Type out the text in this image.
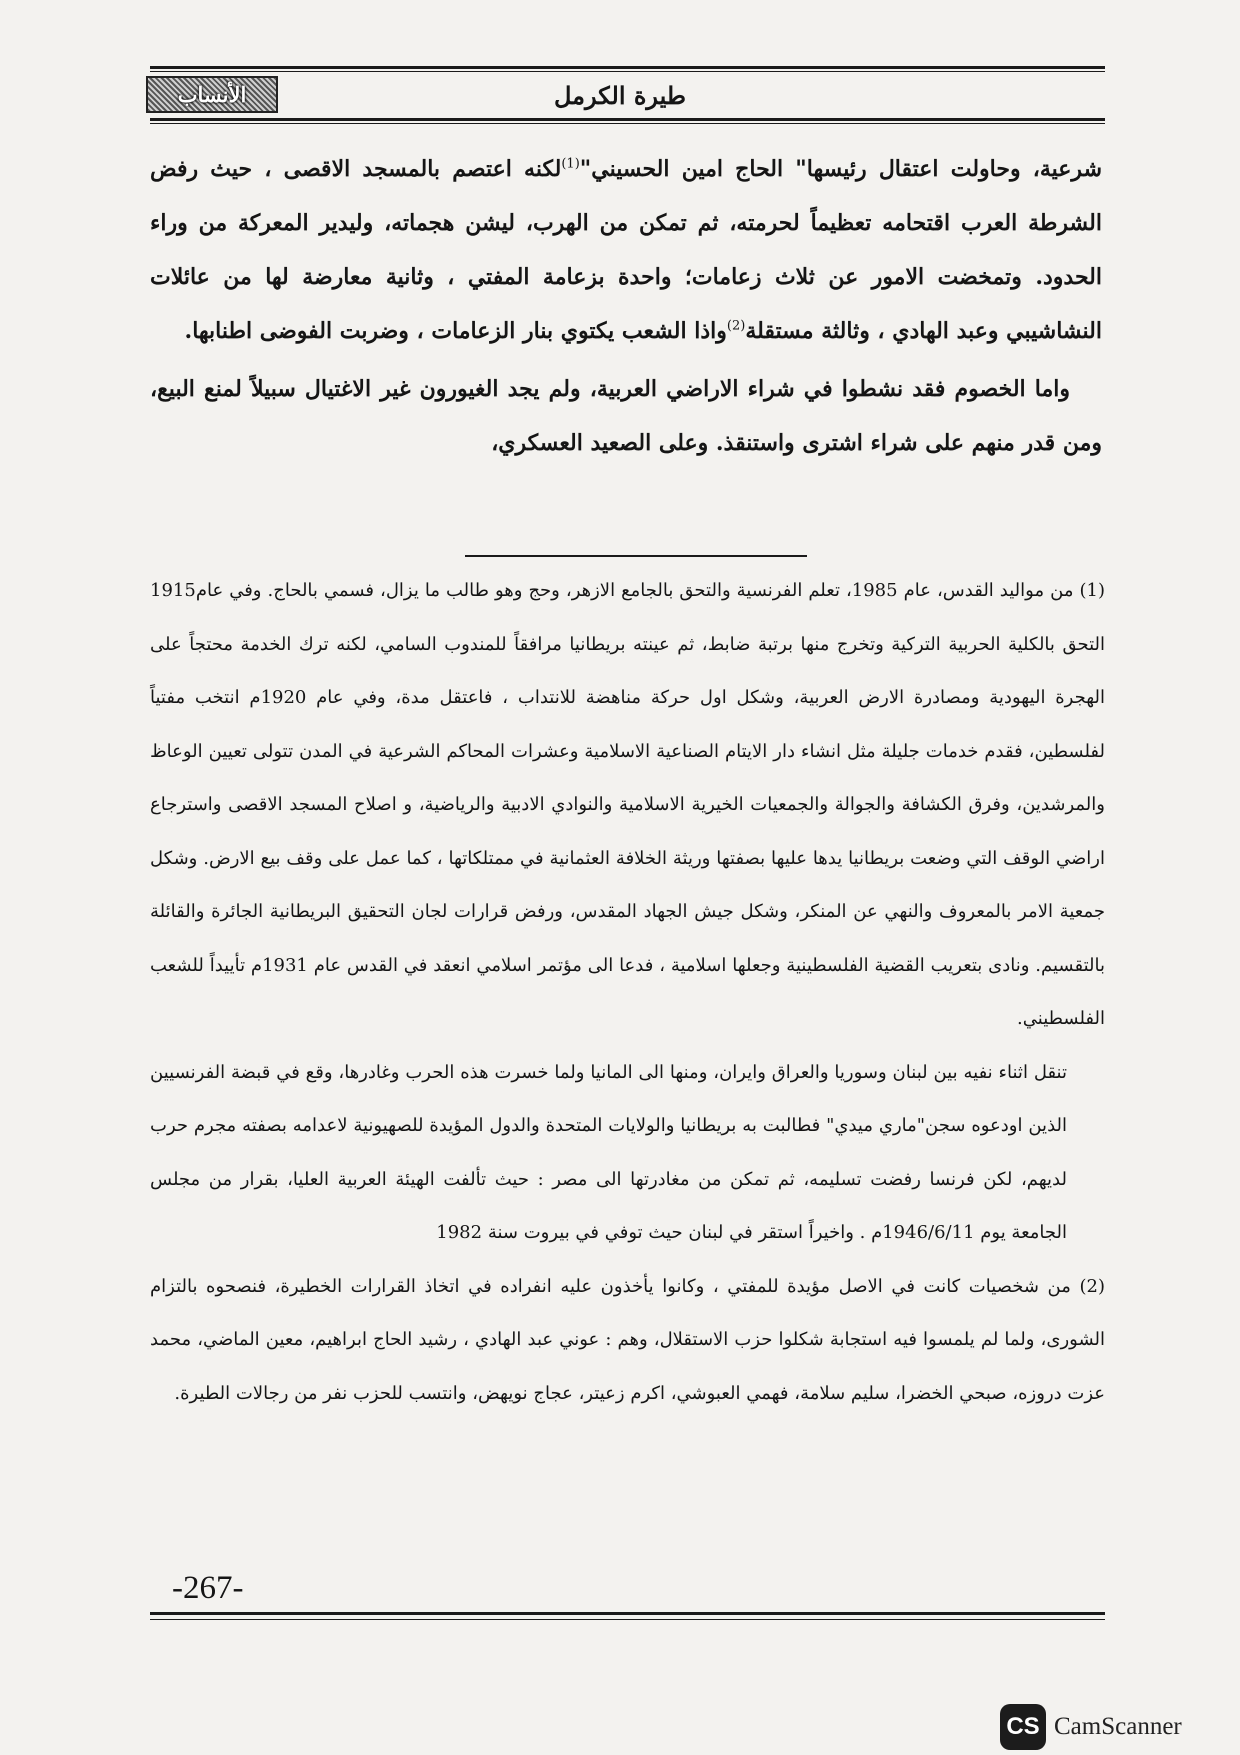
الأنساب	طيرة الكرمل

شرعية، وحاولت اعتقال رئيسها" الحاج امين الحسيني"$^{(1)}$لكنه اعتصم بالمسجد الاقصى ، حيث رفض الشرطة العرب اقتحامه تعظيماً لحرمته، ثم تمكن من الهرب، ليشن هجماته، وليدير المعركة من وراء الحدود. وتمخضت الامور عن ثلاث زعامات؛ واحدة بزعامة المفتي ، وثانية معارضة لها من عائلات النشاشيبي وعبد الهادي ، وثالثة مستقلة$^{(2)}$واذا الشعب يكتوي بنار الزعامات ، وضربت الفوضى اطنابها.

واما الخصوم فقد نشطوا في شراء الاراضي العربية، ولم يجد الغيورون غير الاغتيال سبيلاً لمنع البيع، ومن قدر منهم على شراء اشترى واستنقذ. وعلى الصعيد العسكري،

(1) من مواليد القدس، عام 1985، تعلم الفرنسية والتحق بالجامع الازهر، وحج وهو طالب ما يزال، فسمي بالحاج. وفي عام1915 التحق بالكلية الحربية التركية وتخرج منها برتبة ضابط، ثم عينته بريطانيا مرافقاً للمندوب السامي، لكنه ترك الخدمة محتجاً على الهجرة اليهودية ومصادرة الارض العربية، وشكل اول حركة مناهضة للانتداب ، فاعتقل مدة، وفي عام 1920م انتخب مفتياً لفلسطين، فقدم خدمات جليلة مثل انشاء دار الايتام الصناعية الاسلامية وعشرات المحاكم الشرعية في المدن تتولى تعيين الوعاظ والمرشدين، وفرق الكشافة والجوالة والجمعيات الخيرية الاسلامية والنوادي الادبية والرياضية، و اصلاح المسجد الاقصى واسترجاع اراضي الوقف التي وضعت بريطانيا يدها عليها بصفتها وريثة الخلافة العثمانية في ممتلكاتها ، كما عمل على وقف بيع الارض. وشكل جمعية الامر بالمعروف والنهي عن المنكر، وشكل جيش الجهاد المقدس، ورفض قرارات لجان التحقيق البريطانية الجائرة والقائلة بالتقسيم. ونادى بتعريب القضية الفلسطينية وجعلها اسلامية ، فدعا الى مؤتمر اسلامي انعقد في القدس عام 1931م تأييداً للشعب الفلسطيني.

تنقل اثناء نفيه بين لبنان وسوريا والعراق وايران، ومنها الى المانيا ولما خسرت هذه الحرب وغادرها، وقع في قبضة الفرنسيين الذين اودعوه سجن"ماري ميدي" فطالبت به بريطانيا والولايات المتحدة والدول المؤيدة للصهيونية لاعدامه بصفته مجرم حرب لديهم، لكن فرنسا رفضت تسليمه، ثم تمكن من مغادرتها الى مصر : حيث تألفت الهيئة العربية العليا، بقرار من مجلس الجامعة يوم 1946/6/11م . واخيراً استقر في لبنان حيث توفي في بيروت سنة 1982

(2) من شخصيات كانت في الاصل مؤيدة للمفتي ، وكانوا يأخذون عليه انفراده في اتخاذ القرارات الخطيرة، فنصحوه بالتزام الشورى، ولما لم يلمسوا فيه استجابة شكلوا حزب الاستقلال، وهم : عوني عبد الهادي ، رشيد الحاج ابراهيم، معين الماضي، محمد عزت دروزه، صبحي الخضرا، سليم سلامة، فهمي العبوشي، اكرم زعيتر، عجاج نويهض، وانتسب للحزب نفر من رجالات الطيرة.

-267-
CS CamScanner
